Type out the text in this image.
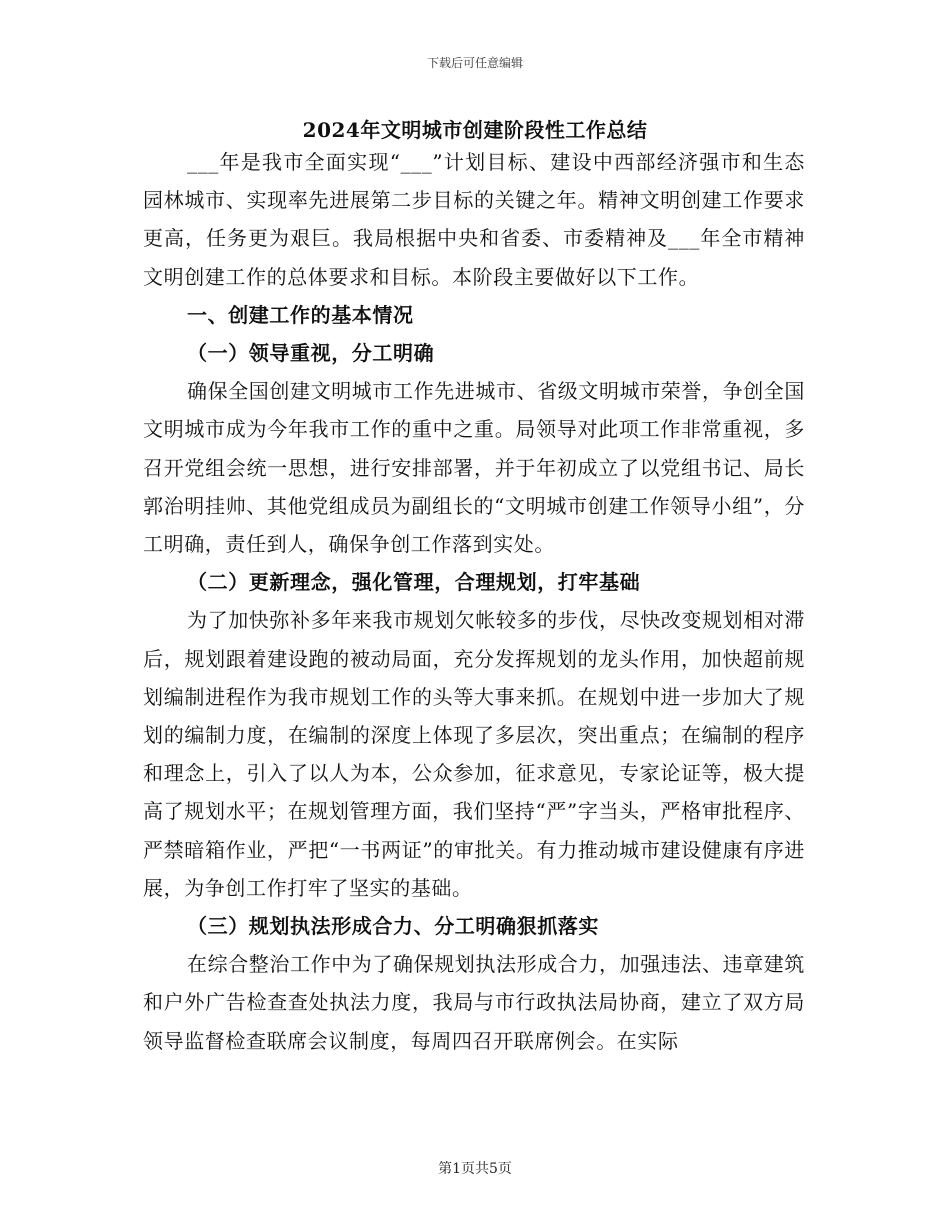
下载后可任意编辑
2024年文明城市创建阶段性工作总结

___年是我市全面实现“___”计划目标、建设中西部经济强市和生态园林城市、实现率先进展第二步目标的关键之年。精神文明创建工作要求更高，任务更为艰巨。我局根据中央和省委、市委精神及___年全市精神文明创建工作的总体要求和目标。本阶段主要做好以下工作。

一、创建工作的基本情况

（一）领导重视，分工明确

确保全国创建文明城市工作先进城市、省级文明城市荣誉，争创全国文明城市成为今年我市工作的重中之重。局领导对此项工作非常重视，多召开党组会统一思想，进行安排部署，并于年初成立了以党组书记、局长郭治明挂帅、其他党组成员为副组长的“文明城市创建工作领导小组”，分工明确，责任到人，确保争创工作落到实处。

（二）更新理念，强化管理，合理规划，打牢基础

为了加快弥补多年来我市规划欠帐较多的步伐，尽快改变规划相对滞后，规划跟着建设跑的被动局面，充分发挥规划的龙头作用，加快超前规划编制进程作为我市规划工作的头等大事来抓。在规划中进一步加大了规划的编制力度，在编制的深度上体现了多层次，突出重点；在编制的程序和理念上，引入了以人为本，公众参加，征求意见，专家论证等，极大提高了规划水平；在规划管理方面，我们坚持“严”字当头，严格审批程序、严禁暗箱作业，严把“一书两证”的审批关。有力推动城市建设健康有序进展，为争创工作打牢了坚实的基础。

（三）规划执法形成合力、分工明确狠抓落实

在综合整治工作中为了确保规划执法形成合力，加强违法、违章建筑和户外广告检查查处执法力度，我局与市行政执法局协商，建立了双方局领导监督检查联席会议制度，每周四召开联席例会。在实际

第1页共5页
